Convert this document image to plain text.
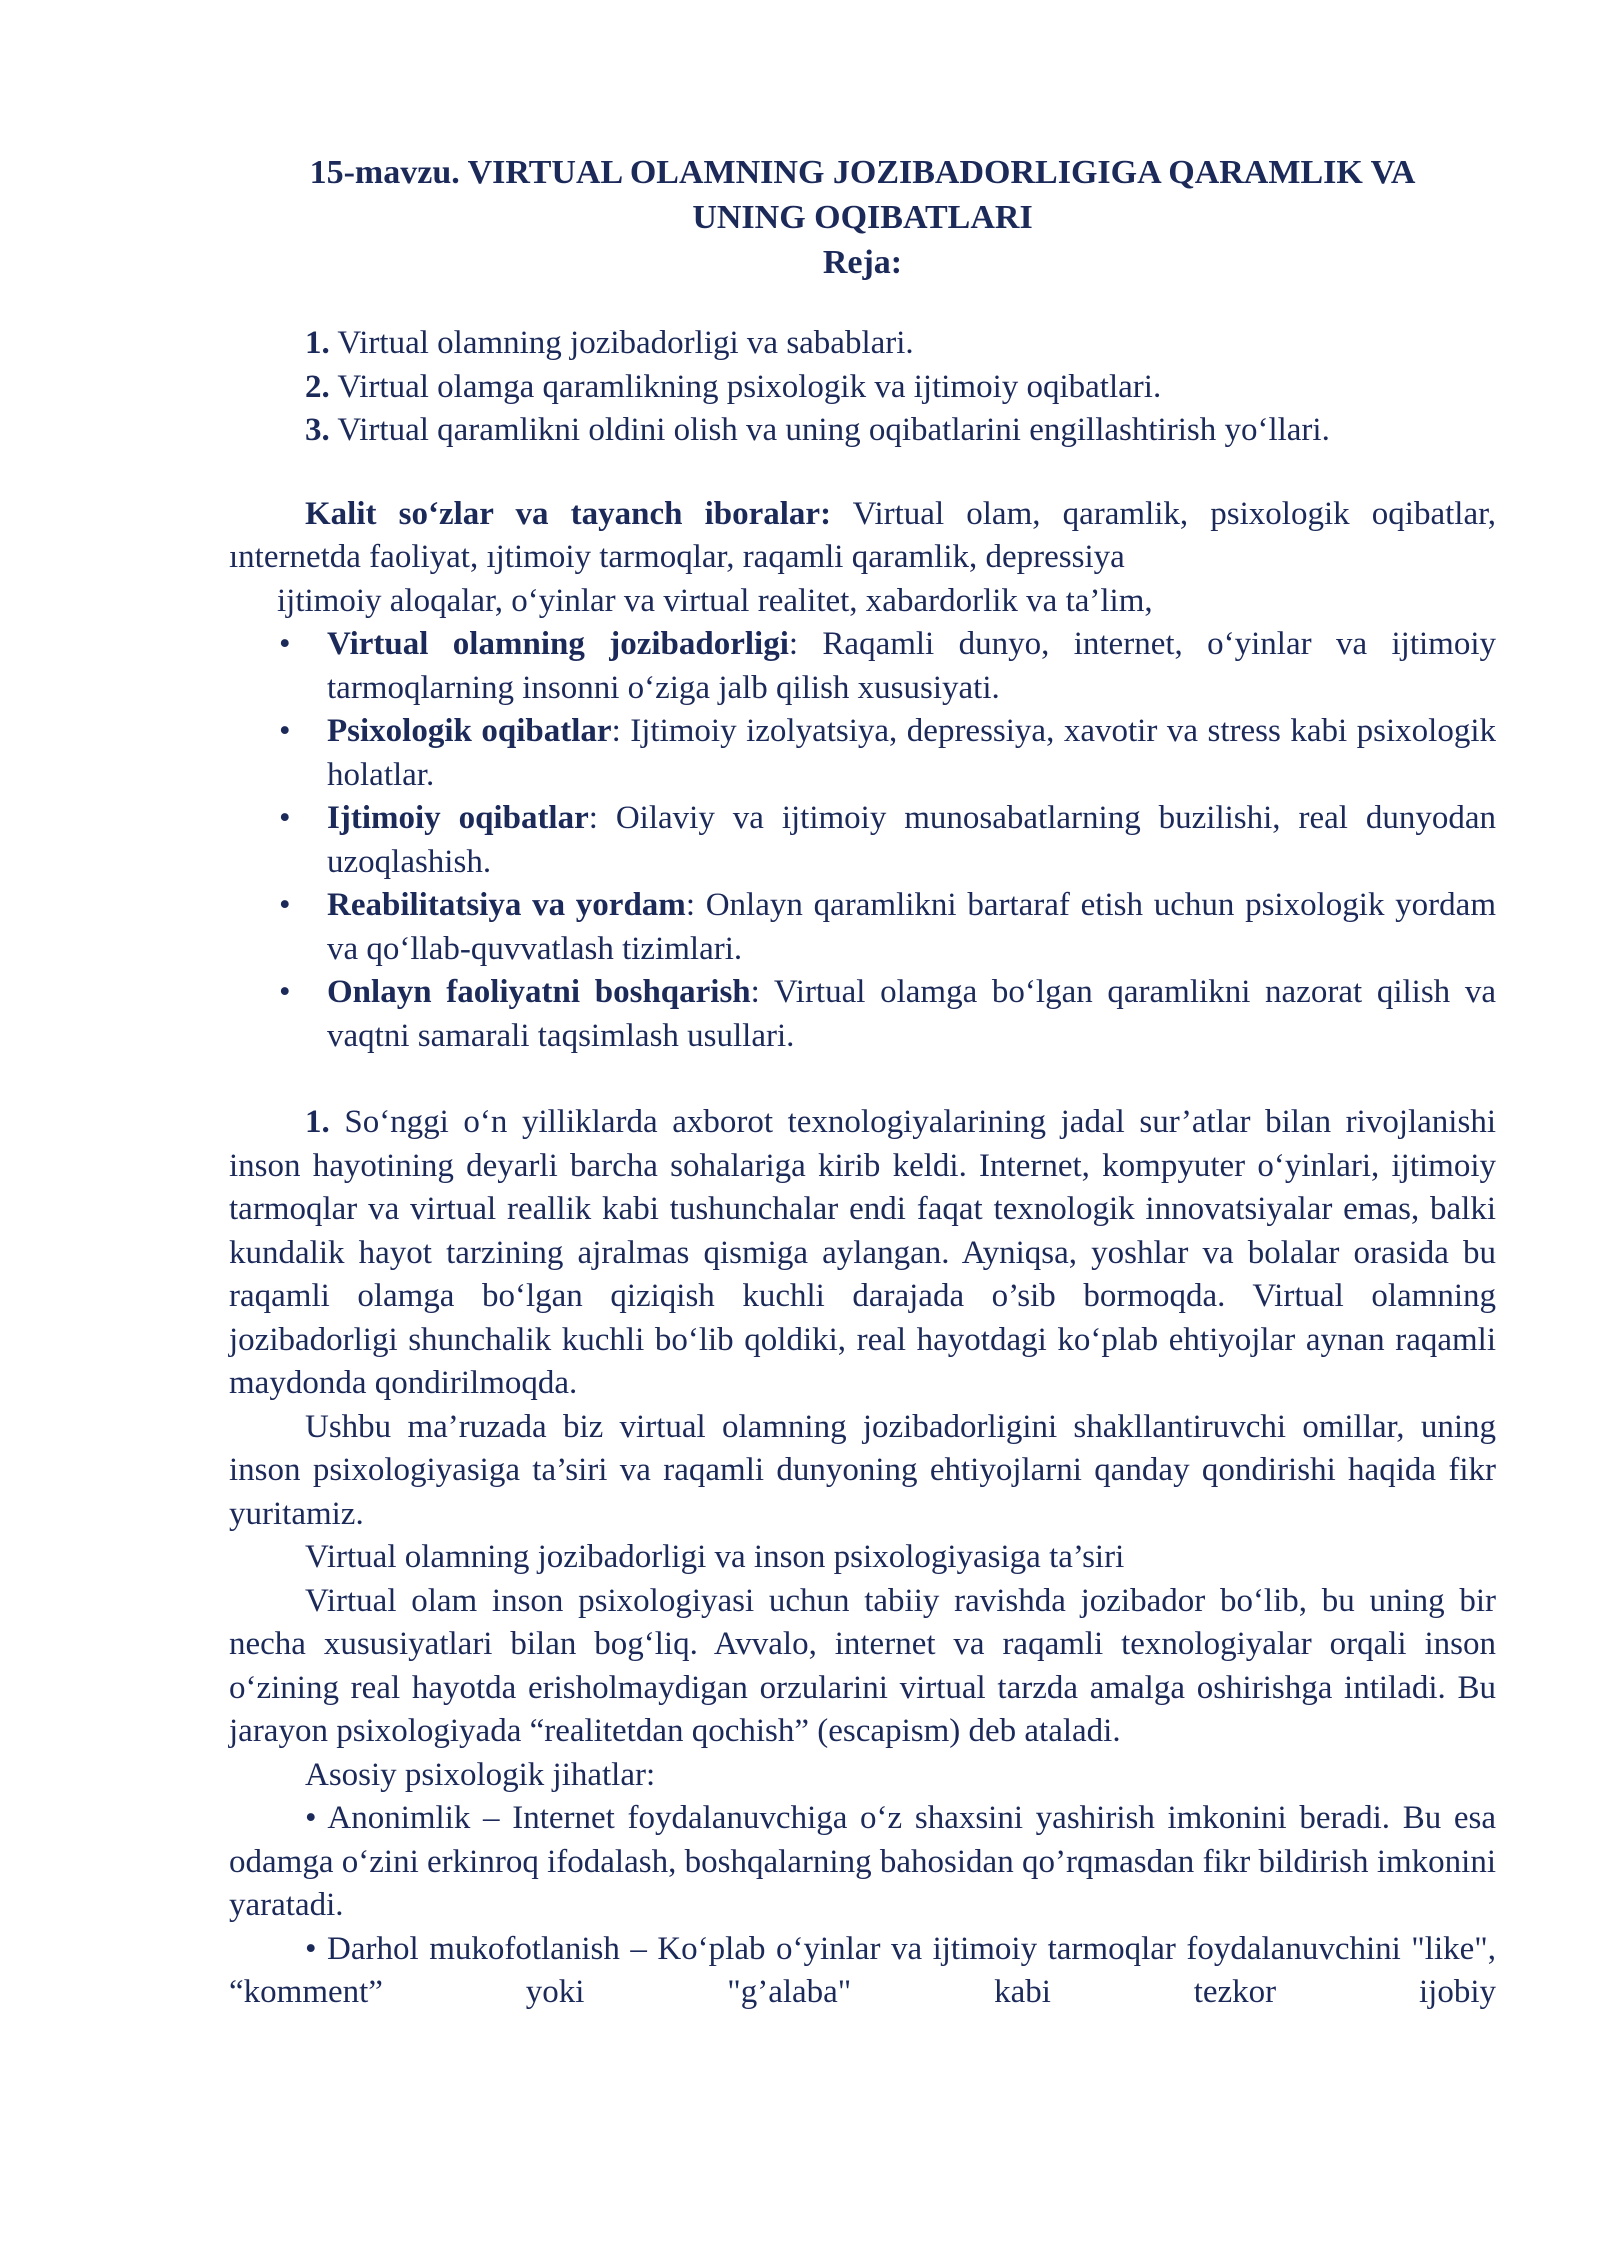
15-mavzu. VIRTUAL OLAMNING JOZIBADORLIGIGA QARAMLIK VA
UNING OQIBATLARI
Reja:

1. Virtual olamning jozibadorligi va sabablari.
2. Virtual olamga qaramlikning psixologik va ijtimoiy oqibatlari.
3. Virtual qaramlikni oldini olish va uning oqibatlarini engillashtirish yo‘llari.

Kalit so‘zlar va tayanch iboralar: Virtual olam, qaramlik, psixologik oqibatlar, ınternetda faoliyat, ıjtimoiy tarmoqlar, raqamli qaramlik, depressiya

ijtimoiy aloqalar, o‘yinlar va virtual realitet, xabardorlik va ta’lim,

• Virtual olamning jozibadorligi: Raqamli dunyo, internet, o‘yinlar va ijtimoiy tarmoqlarning insonni o‘ziga jalb qilish xususiyati.
• Psixologik oqibatlar: Ijtimoiy izolyatsiya, depressiya, xavotir va stress kabi psixologik holatlar.
• Ijtimoiy oqibatlar: Oilaviy va ijtimoiy munosabatlarning buzilishi, real dunyodan uzoqlashish.
• Reabilitatsiya va yordam: Onlayn qaramlikni bartaraf etish uchun psixologik yordam va qo‘llab-quvvatlash tizimlari.
• Onlayn faoliyatni boshqarish: Virtual olamga bo‘lgan qaramlikni nazorat qilish va vaqtni samarali taqsimlash usullari.

1. So‘nggi o‘n yilliklarda axborot texnologiyalarining jadal sur’atlar bilan rivojlanishi inson hayotining deyarli barcha sohalariga kirib keldi. Internet, kompyuter o‘yinlari, ijtimoiy tarmoqlar va virtual reallik kabi tushunchalar endi faqat texnologik innovatsiyalar emas, balki kundalik hayot tarzining ajralmas qismiga aylangan. Ayniqsa, yoshlar va bolalar orasida bu raqamli olamga bo‘lgan qiziqish kuchli darajada o’sib bormoqda. Virtual olamning jozibadorligi shunchalik kuchli bo‘lib qoldiki, real hayotdagi ko‘plab ehtiyojlar aynan raqamli maydonda qondirilmoqda.

Ushbu ma’ruzada biz virtual olamning jozibadorligini shakllantiruvchi omillar, uning inson psixologiyasiga ta’siri va raqamli dunyoning ehtiyojlarni qanday qondirishi haqida fikr yuritamiz.

Virtual olamning jozibadorligi va inson psixologiyasiga ta’siri

Virtual olam inson psixologiyasi uchun tabiiy ravishda jozibador bo‘lib, bu uning bir necha xususiyatlari bilan bog‘liq. Avvalo, internet va raqamli texnologiyalar orqali inson o‘zining real hayotda erisholmaydigan orzularini virtual tarzda amalga oshirishga intiladi. Bu jarayon psixologiyada “realitetdan qochish” (escapism) deb ataladi.

Asosiy psixologik jihatlar:

• Anonimlik – Internet foydalanuvchiga o‘z shaxsini yashirish imkonini beradi. Bu esa odamga o‘zini erkinroq ifodalash, boshqalarning bahosidan qo’rqmasdan fikr bildirish imkonini yaratadi.

• Darhol mukofotlanish – Ko‘plab o‘yinlar va ijtimoiy tarmoqlar foydalanuvchini "like", “komment” yoki "g’alaba" kabi tezkor ijobiy
